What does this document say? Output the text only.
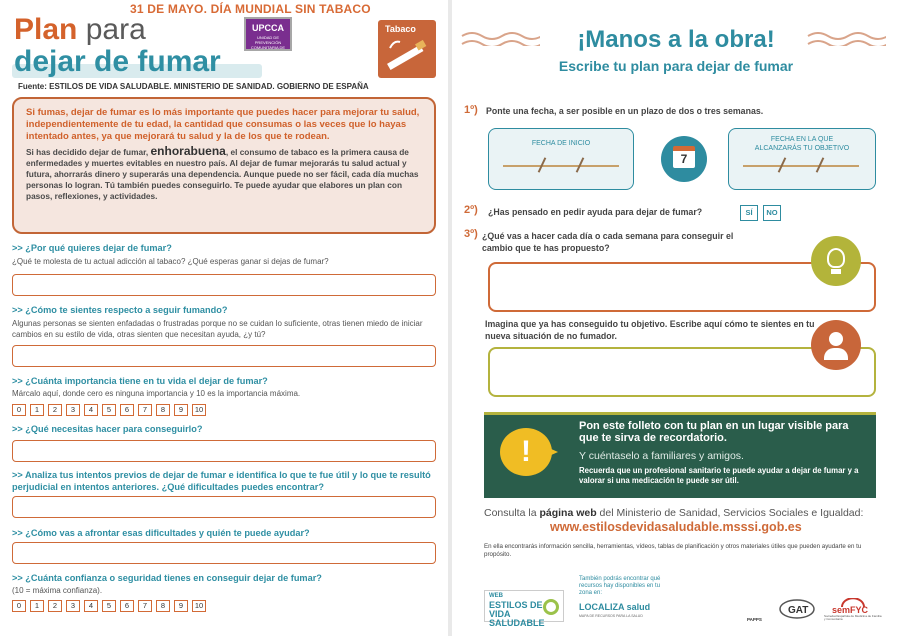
31 DE MAYO. DÍA MUNDIAL SIN TABACO
Plan para
dejar de fumar
UPCCA
UNIDAD DE PREVENCIÓN COMUNITARIA DE CONDUCTAS ADICTIVAS
Tabaco
Fuente: ESTILOS DE VIDA SALUDABLE. MINISTERIO DE SANIDAD. GOBIERNO DE ESPAÑA
Si fumas, dejar de fumar es lo más importante que puedes hacer para mejorar tu salud, independientemente de tu edad, la cantidad que consumas o las veces que lo hayas intentado antes, ya que mejorará tu salud y la de los que te rodean.
Si has decidido dejar de fumar, enhorabuena, el consumo de tabaco es la primera causa de enfermedades y muertes evitables en nuestro país. Al dejar de fumar mejorarás tu salud actual y futura, ahorrarás dinero y superarás una dependencia. Aunque puede no ser fácil, cada día muchas personas lo logran. Tú también puedes conseguirlo. Te puede ayudar que elabores un plan con pasos, reflexiones, y actividades.
>> ¿Por qué quieres dejar de fumar?
¿Qué te molesta de tu actual adicción al tabaco? ¿Qué esperas ganar si dejas de fumar?
>> ¿Cómo te sientes respecto a seguir fumando?
Algunas personas se sienten enfadadas o frustradas porque no se cuidan lo suficiente, otras tienen miedo de iniciar cambios en su estilo de vida, otras sienten que necesitan ayuda, ¿y tú?
>> ¿Cuánta importancia tiene en tu vida el dejar de fumar?
Márcalo aquí, donde cero es ninguna importancia y 10 es la importancia máxima.
0	1	2	3	4	5	6	7	8	9	10
>> ¿Qué necesitas hacer para conseguirlo?
>> Analiza tus intentos previos de dejar de fumar e identifica lo que te fue útil y lo que te resultó perjudicial en intentos anteriores. ¿Qué dificultades puedes encontrar?
>> ¿Cómo vas a afrontar esas dificultades y quién te puede ayudar?
>> ¿Cuánta confianza o seguridad tienes en conseguir dejar de fumar?
(10 = máxima confianza).
0	1	2	3	4	5	6	7	8	9	10
¡Manos a la obra!
Escribe tu plan para dejar de fumar
1º) Ponte una fecha, a ser posible en un plazo de dos o tres semanas.
FECHA DE INICIO
7
FECHA EN LA QUE ALCANZARÁS TU OBJETIVO
2º) ¿Has pensado en pedir ayuda para dejar de fumar?	SÍ	NO
3º) ¿Qué vas a hacer cada día o cada semana para conseguir el cambio que te has propuesto?
Imagina que ya has conseguido tu objetivo. Escribe aquí cómo te sientes en tu nueva situación de no fumador.
!
Pon este folleto con tu plan en un lugar visible para que te sirva de recordatorio.
Y cuéntaselo a familiares y amigos.
Recuerda que un profesional sanitario te puede ayudar a dejar de fumar y a valorar si una medicación te puede ser útil.
Consulta la página web del Ministerio de Sanidad, Servicios Sociales e Igualdad:
www.estilosdevidasaludable.msssi.gob.es
En ella encontrarás información sencilla, herramientas, vídeos, tablas de planificación y otros materiales útiles que pueden ayudarte en tu propósito.
WEB
ESTILOS DE VIDA SALUDABLE
También podrás encontrar qué recursos hay disponibles en tu zona en:
LOCALIZA salud
MAPA DE RECURSOS PARA LA SALUD
PAPPS
GAT	semFYC
Sociedad Española de Medicina de Familia y Comunitaria
